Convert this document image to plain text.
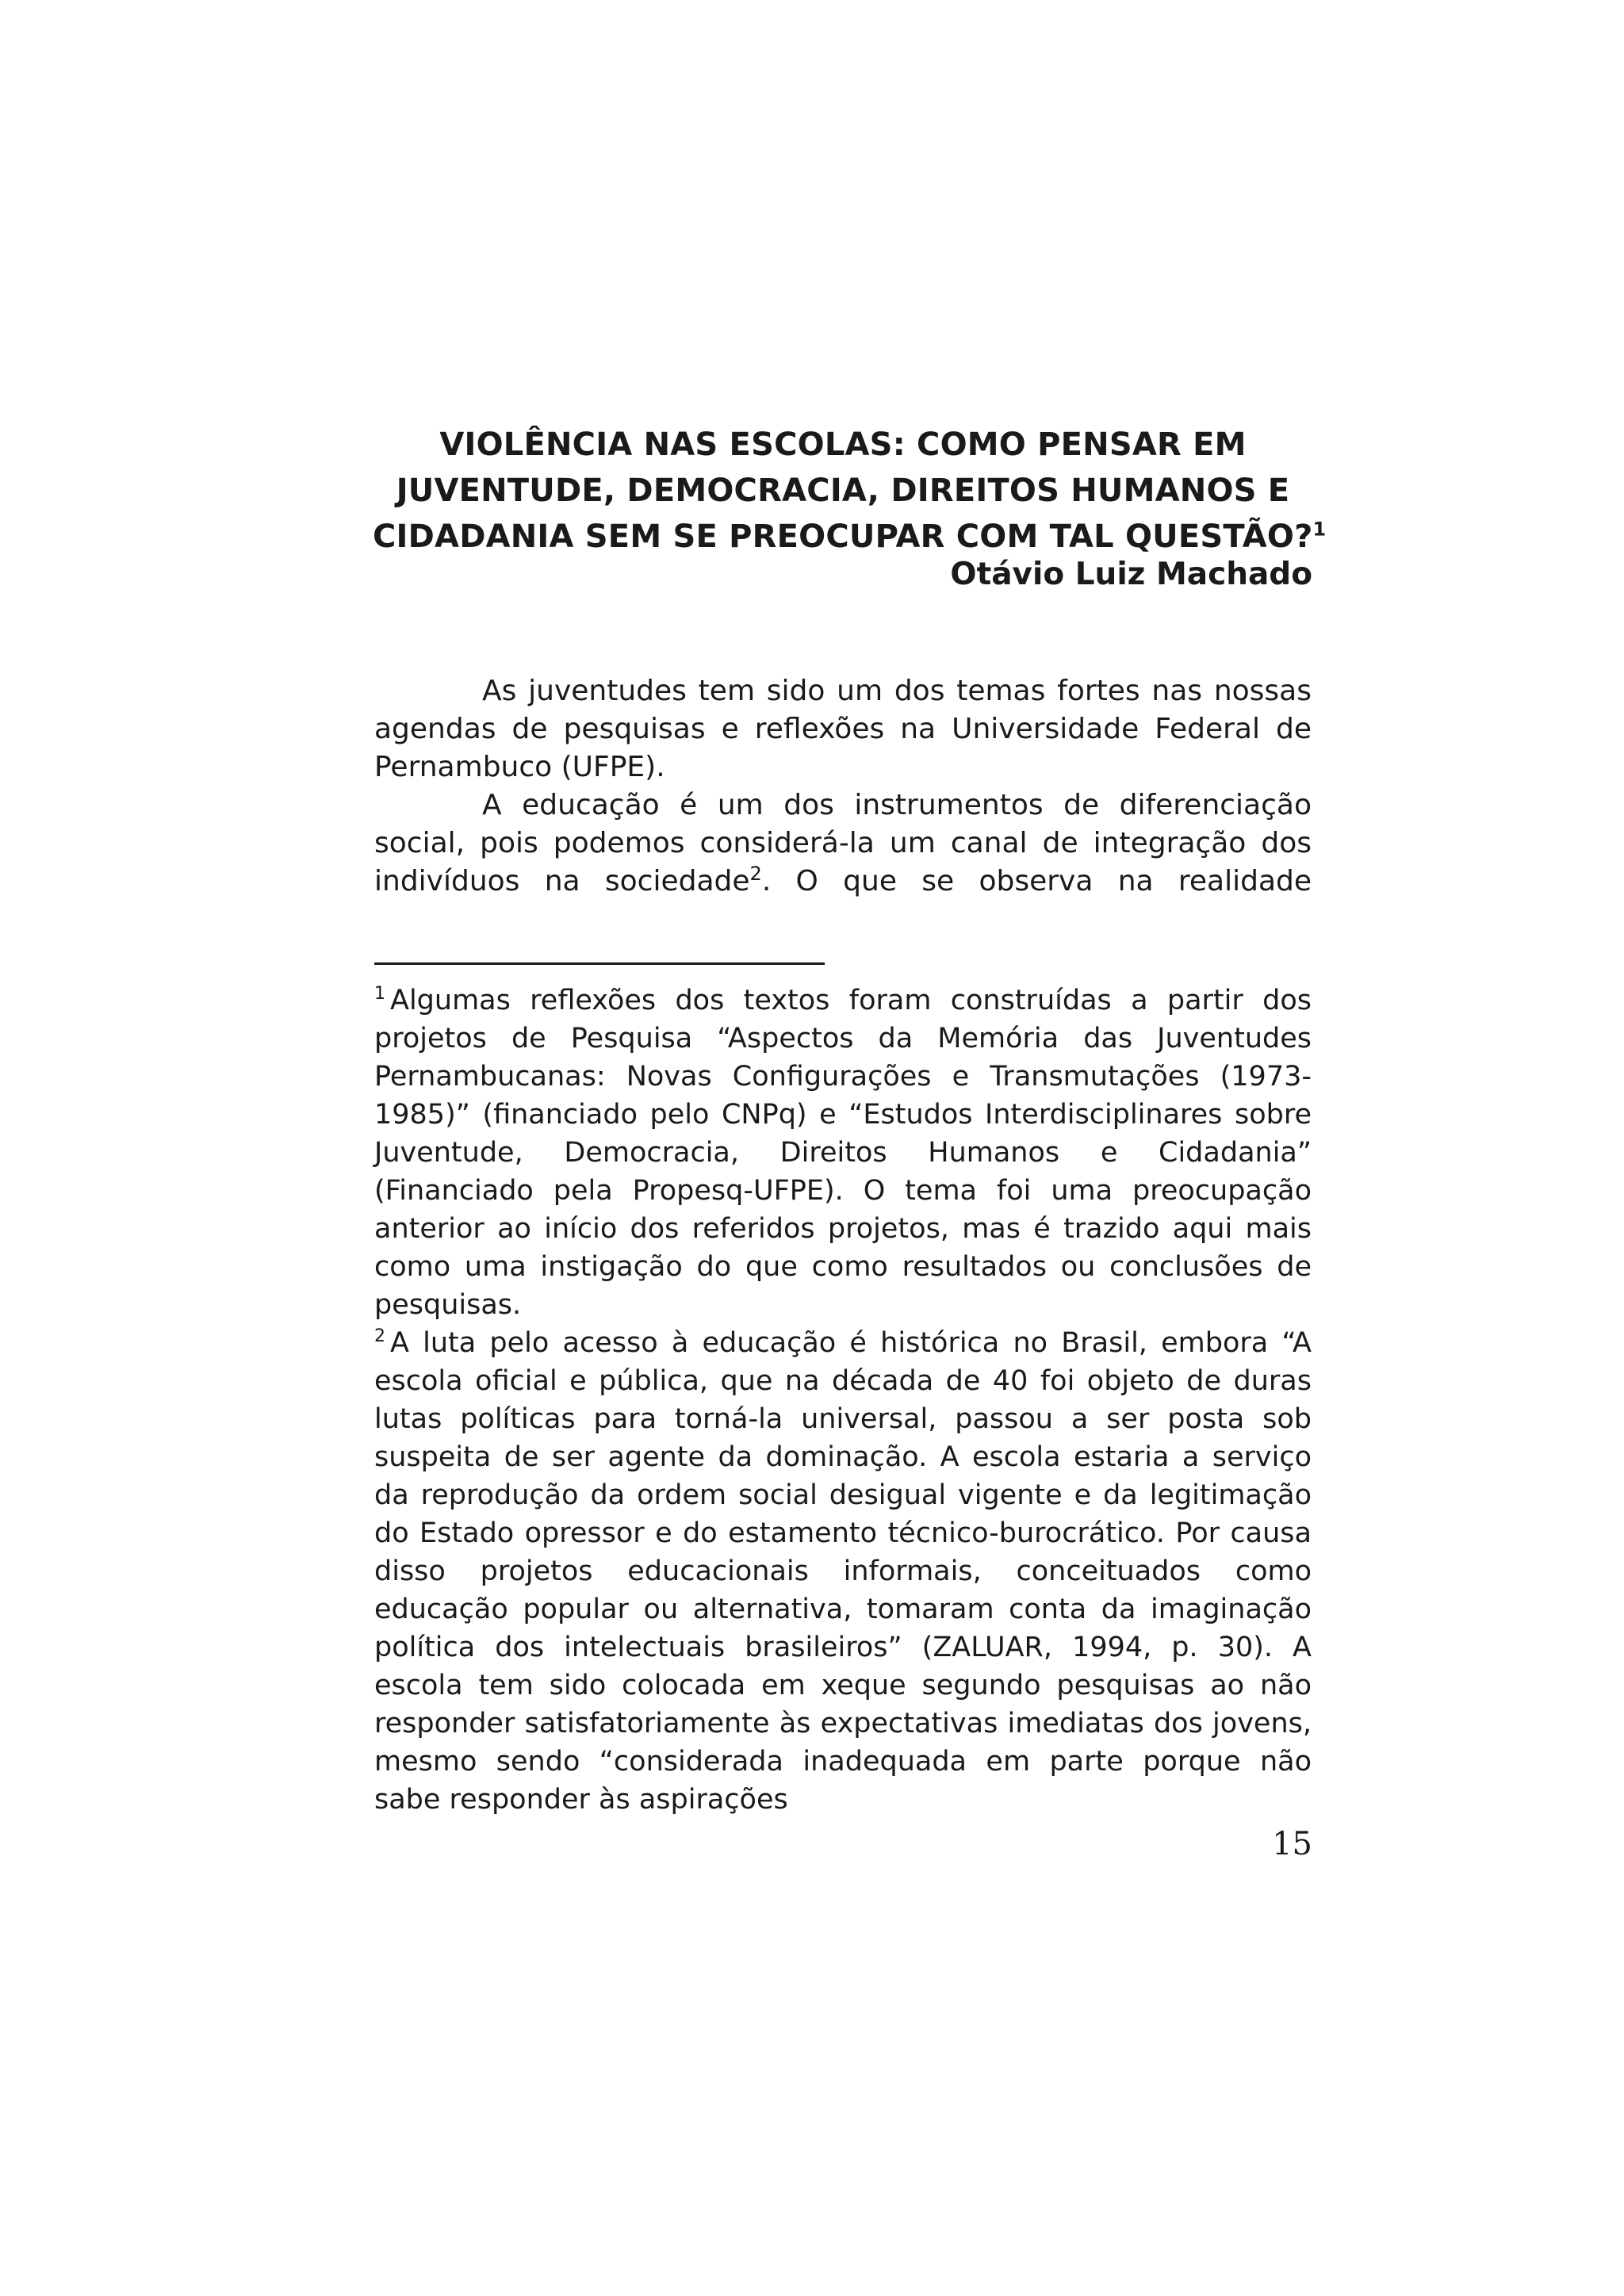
VIOLÊNCIA NAS ESCOLAS: COMO PENSAR EM
JUVENTUDE, DEMOCRACIA, DIREITOS HUMANOS E
CIDADANIA SEM SE PREOCUPAR COM TAL QUESTÃO?$^1$
Otávio Luiz Machado

As juventudes tem sido um dos temas fortes nas nossas agendas de pesquisas e reflexões na Universidade Federal de Pernambuco (UFPE).

A educação é um dos instrumentos de diferenciação social, pois podemos considerá-la um canal de integração dos indivíduos na sociedade$^2$. O que se observa na realidade

$^1$ Algumas reflexões dos textos foram construídas a partir dos projetos de Pesquisa “Aspectos da Memória das Juventudes Pernambucanas: Novas Configurações e Transmutações (1973-1985)” (financiado pelo CNPq) e “Estudos Interdisciplinares sobre Juventude, Democracia, Direitos Humanos e Cidadania” (Financiado pela Propesq-UFPE). O tema foi uma preocupação anterior ao início dos referidos projetos, mas é trazido aqui mais como uma instigação do que como resultados ou conclusões de pesquisas.

$^2$ A luta pelo acesso à educação é histórica no Brasil, embora “A escola oficial e pública, que na década de 40 foi objeto de duras lutas políticas para torná-la universal, passou a ser posta sob suspeita de ser agente da dominação. A escola estaria a serviço da reprodução da ordem social desigual vigente e da legitimação do Estado opressor e do estamento técnico-burocrático. Por causa disso projetos educacionais informais, conceituados como educação popular ou alternativa, tomaram conta da imaginação política dos intelectuais brasileiros” (ZALUAR, 1994, p. 30). A escola tem sido colocada em xeque segundo pesquisas ao não responder satisfatoriamente às expectativas imediatas dos jovens, mesmo sendo “considerada inadequada em parte porque não sabe responder às aspirações

15
